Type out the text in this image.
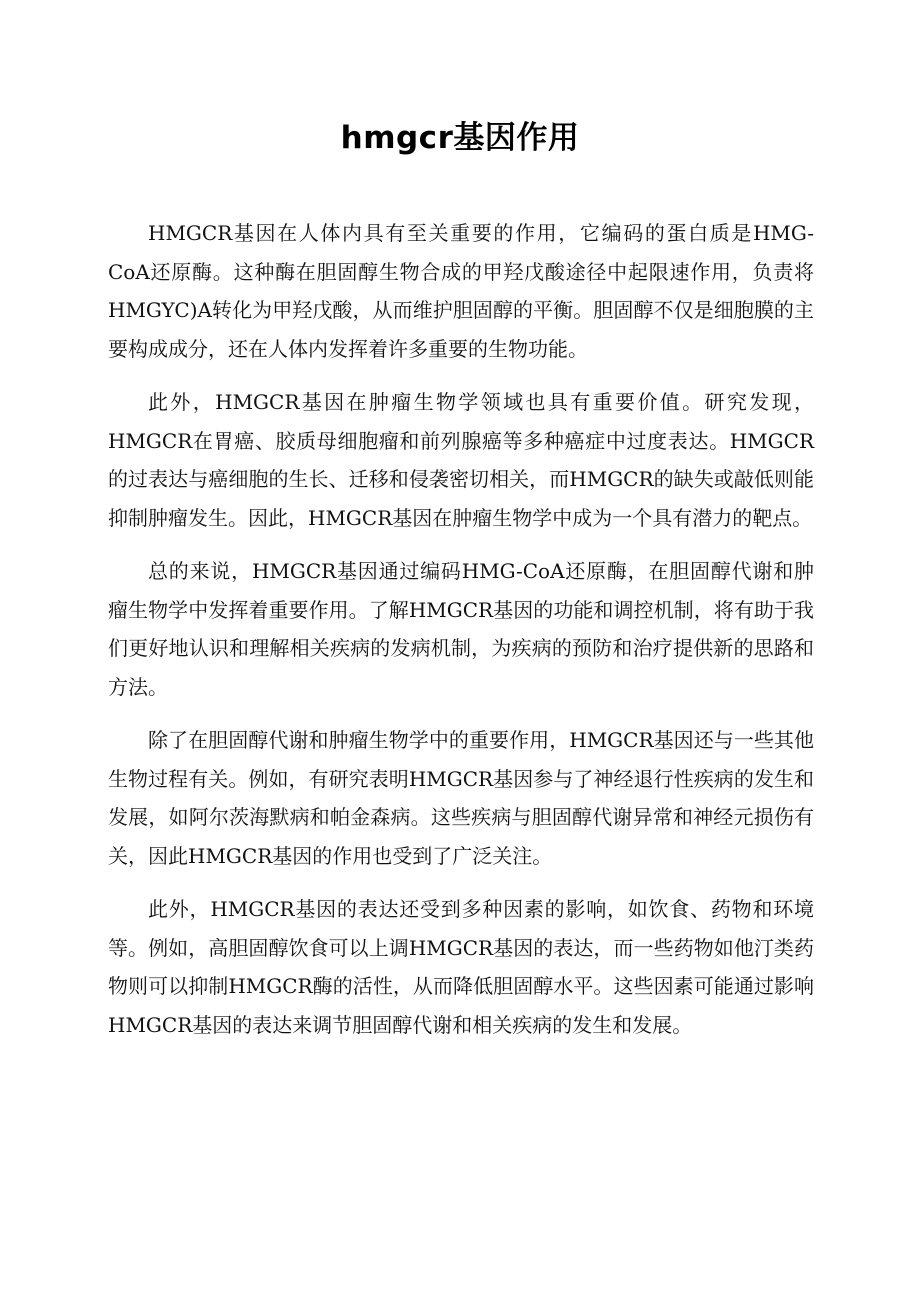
hmgcr基因作用

HMGCR基因在人体内具有至关重要的作用，它编码的蛋白质是HMG-CoA还原酶。这种酶在胆固醇生物合成的甲羟戊酸途径中起限速作用，负责将HMGYC)A转化为甲羟戊酸，从而维护胆固醇的平衡。胆固醇不仅是细胞膜的主要构成成分，还在人体内发挥着许多重要的生物功能。

此外，HMGCR基因在肿瘤生物学领域也具有重要价值。研究发现，HMGCR在胃癌、胶质母细胞瘤和前列腺癌等多种癌症中过度表达。HMGCR的过表达与癌细胞的生长、迁移和侵袭密切相关，而HMGCR的缺失或敲低则能抑制肿瘤发生。因此，HMGCR基因在肿瘤生物学中成为一个具有潜力的靶点。

总的来说，HMGCR基因通过编码HMG-CoA还原酶，在胆固醇代谢和肿瘤生物学中发挥着重要作用。了解HMGCR基因的功能和调控机制，将有助于我们更好地认识和理解相关疾病的发病机制，为疾病的预防和治疗提供新的思路和方法。

除了在胆固醇代谢和肿瘤生物学中的重要作用，HMGCR基因还与一些其他生物过程有关。例如，有研究表明HMGCR基因参与了神经退行性疾病的发生和发展，如阿尔茨海默病和帕金森病。这些疾病与胆固醇代谢异常和神经元损伤有关，因此HMGCR基因的作用也受到了广泛关注。

此外，HMGCR基因的表达还受到多种因素的影响，如饮食、药物和环境等。例如，高胆固醇饮食可以上调HMGCR基因的表达，而一些药物如他汀类药物则可以抑制HMGCR酶的活性，从而降低胆固醇水平。这些因素可能通过影响HMGCR基因的表达来调节胆固醇代谢和相关疾病的发生和发展。
